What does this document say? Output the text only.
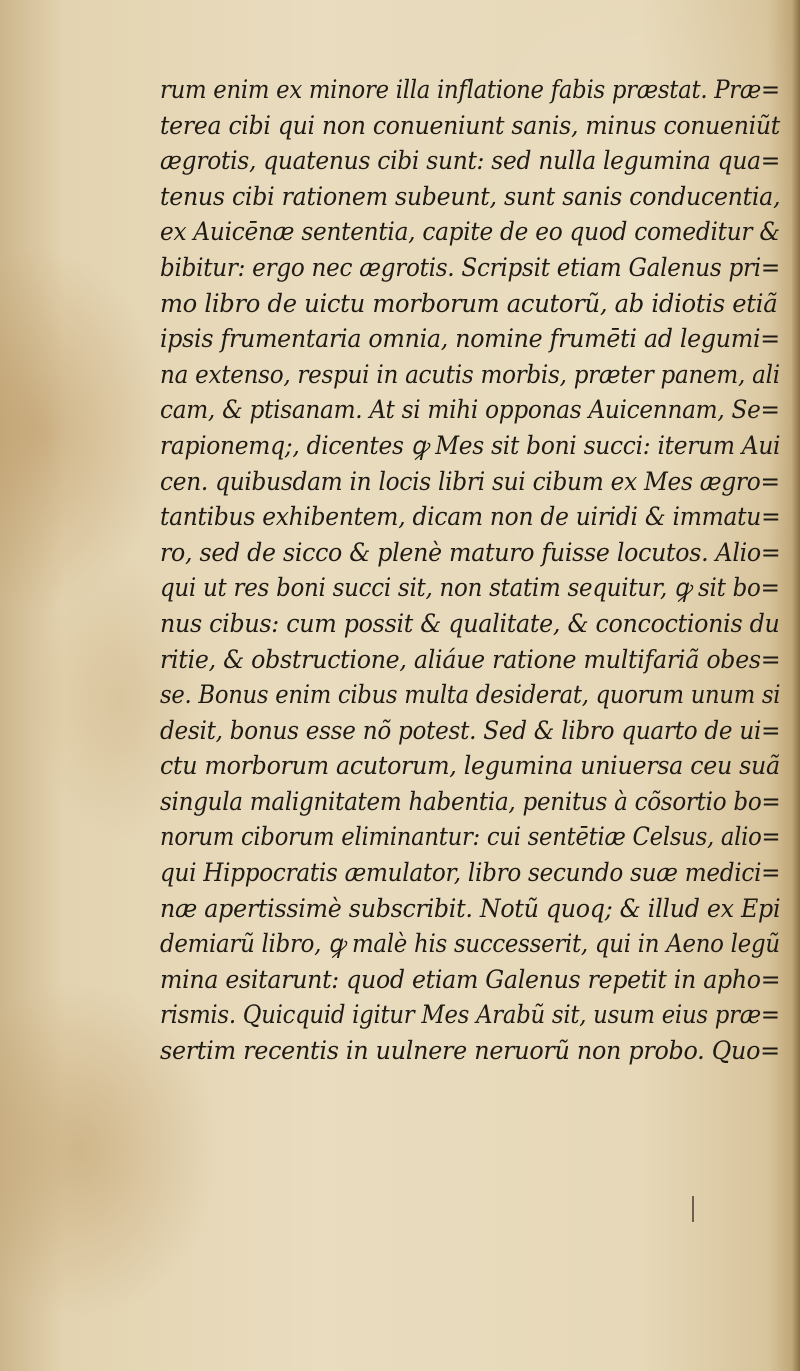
rum enim ex minore illa inflatione fabis præstat. Præ=
terea cibi qui non conueniunt sanis, minus conueniũt
ægrotis, quatenus cibi sunt: sed nulla legumina qua=
tenus cibi rationem subeunt, sunt sanis conducentia,
ex Auicēnæ sententia, capite de eo quod comeditur &
bibitur: ergo nec ægrotis. Scripsit etiam Galenus pri=
mo libro de uictu morborum acutorũ, ab idiotis etiã
ipsis frumentaria omnia, nomine frumēti ad legumi=
na extenso, respui in acutis morbis, præter panem, ali
cam, & ptisanam. At si mihi opponas Auicennam, Se=
rapionemq;, dicentes ꝙ Mes sit boni succi: iterum Aui
cen. quibusdam in locis libri sui cibum ex Mes ægro=
tantibus exhibentem, dicam non de uiridi & immatu=
ro, sed de sicco & plenè maturo fuisse locutos. Alio=
qui ut res boni succi sit, non statim sequitur, ꝙ sit bo=
nus cibus: cum possit & qualitate, & concoctionis du
ritie, & obstructione, aliáue ratione multifariã obes=
se. Bonus enim cibus multa desiderat, quorum unum si
desit, bonus esse nõ potest. Sed & libro quarto de ui=
ctu morborum acutorum, legumina uniuersa ceu suã
singula malignitatem habentia, penitus à cõsortio bo=
norum ciborum eliminantur: cui sentētiæ Celsus, alio=
qui Hippocratis æmulator, libro secundo suæ medici=
næ apertissimè subscribit. Notũ quoq; & illud ex Epi
demiarũ libro, ꝙ malè his successerit, qui in Aeno legũ
mina esitarunt: quod etiam Galenus repetit in apho=
rismis. Quicquid igitur Mes Arabũ sit, usum eius præ=
sertim recentis in uulnere neruorũ non probo. Quo=
